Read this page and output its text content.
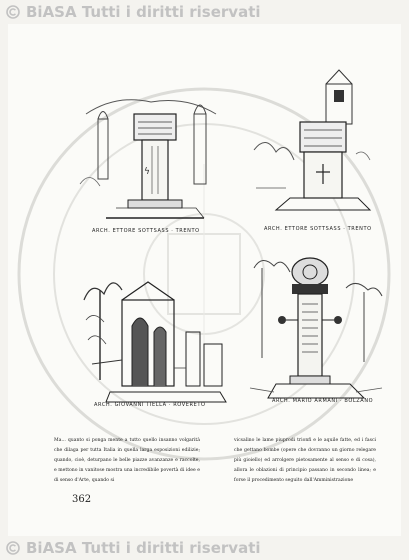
BiASA Tutti i diritti riservati
ϟ
ARCH. ETTORE SOTTSASS · TRENTO	ARCH. ETTORE SOTTSASS · TRENTO
ARCH. GIOVANNI TIELLA · ROVERETO
ARCH. MARIO ARMANI · BOLZANO

Ma... quanto si ponga mente a tutto quello insanno volgarità che dilaga per tutta Italia in quella larga esposizioni edilizie; quando, cioè, deturpano le belle piazze avanzanze e raccolte, e mettono in vanitose mostra una incredibile povertà di idee e di senso d'Arte, quando si

vicsalino le lame piuprodi trionfi e le aquile fatte, ed i fasci che gettano bombe (opere che dovranno un giorno relegare più gioiello) ed arrolgere pietosamente al senso e di cosa), allora le oblazioni di principio passano in secondo linea; e forse il procedimento seguito dall'Amministrazione

362
BiASA Tutti i diritti riservati
